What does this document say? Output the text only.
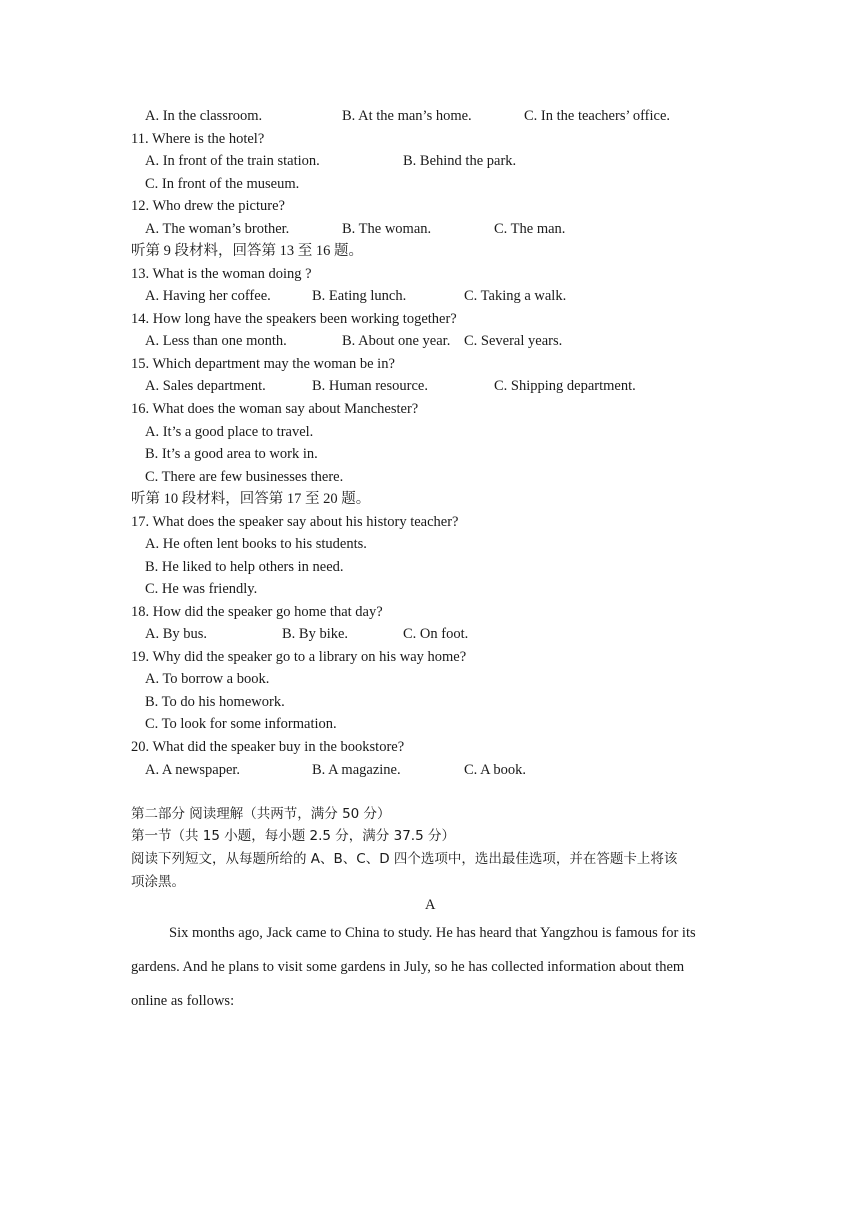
A. In the classroom.	B. At the man’s home.	C. In the teachers’ office.
11. Where is the hotel?
A. In front of the train station.	B. Behind the park.
C. In front of the museum.
12. Who drew the picture?
A. The woman’s brother.	B. The woman.	C. The man.
听第 9 段材料，回答第 13 至 16 题。
13. What is the woman doing ?
A. Having her coffee.	B. Eating lunch.	C. Taking a walk.
14. How long have the speakers been working together?
A. Less than one month.	B. About one year. C. Several years.
15. Which department may the woman be in?
A. Sales department.	B. Human resource.	C. Shipping department.
16. What does the woman say about Manchester?
A. It’s a good place to travel.
B. It’s a good area to work in.
C. There are few businesses there.
听第 10 段材料，回答第 17 至 20 题。
17. What does the speaker say about his history teacher?
A. He often lent books to his students.
B. He liked to help others in need.
C. He was friendly.
18. How did the speaker go home that day?
A. By bus.	B. By bike.	C. On foot.
19. Why did the speaker go to a library on his way home?
A. To borrow a book.
B. To do his homework.
C. To look for some information.
20. What did the speaker buy in the bookstore?
A. A newspaper.	B. A magazine.	C. A book.
第二部分 阅读理解（共两节，满分 50 分）
第一节（共 15 小题，每小题 2.5 分，满分 37.5 分）
阅读下列短文，从每题所给的 A、B、C、D 四个选项中，选出最佳选项，并在答题卡上将该
项涂黑。
A
Six months ago, Jack came to China to study. He has heard that Yangzhou is famous for its
gardens. And he plans to visit some gardens in July, so he has collected information about them
online as follows:
